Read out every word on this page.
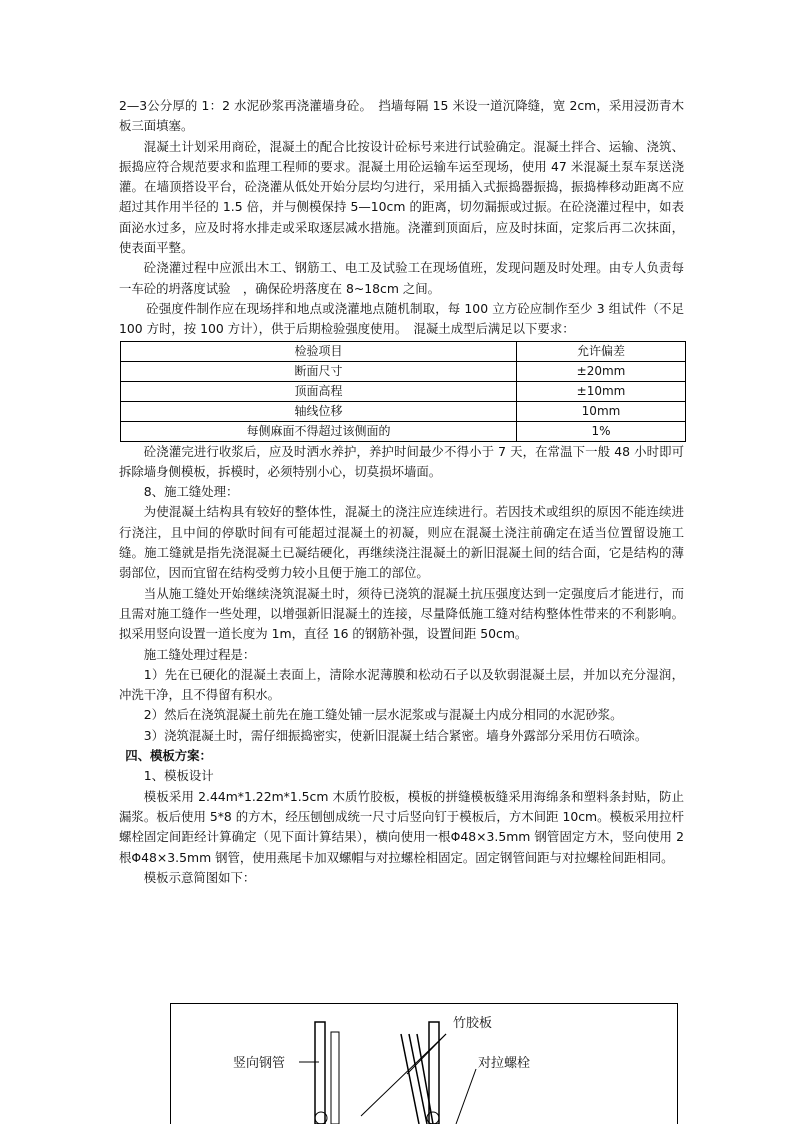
2—3公分厚的 1：2 水泥砂浆再浇灌墙身砼。　挡墙每隔 15 米设一道沉降缝，宽 2cm，采用浸沥青木板三面填塞。

混凝土计划采用商砼，混凝土的配合比按设计砼标号来进行试验确定。混凝土拌合、运输、浇筑、振捣应符合规范要求和监理工程师的要求。混凝土用砼运输车运至现场，使用 47 米混凝土泵车泵送浇灌。在墙顶搭设平台，砼浇灌从低处开始分层均匀进行，采用插入式振捣器振捣，振捣棒移动距离不应超过其作用半径的 1.5 倍，并与侧模保持 5—10cm 的距离，切勿漏振或过振。在砼浇灌过程中，如表面泌水过多，应及时将水排走或采取逐层减水措施。浇灌到顶面后，应及时抹面，定浆后再二次抹面，使表面平整。

砼浇灌过程中应派出木工、钢筋工、电工及试验工在现场值班，发现问题及时处理。由专人负责每一车砼的坍落度试验　，确保砼坍落度在 8~18cm 之间。

砼强度件制作应在现场拌和地点或浇灌地点随机制取，每 100 立方砼应制作至少 3 组试件（不足 100 方时，按 100 方计），供于后期检验强度使用。　混凝土成型后满足以下要求：

检验项目	允许偏差
断面尺寸	±20mm
顶面高程	±10mm
轴线位移	10mm
每侧麻面不得超过该侧面的	1%

砼浇灌完进行收浆后，应及时洒水养护，养护时间最少不得小于 7 天，在常温下一般 48 小时即可拆除墙身侧模板，拆模时，必须特别小心，切莫损坏墙面。

8、施工缝处理：

为使混凝土结构具有较好的整体性，混凝土的浇注应连续进行。若因技术或组织的原因不能连续进行浇注，且中间的停歇时间有可能超过混凝土的初凝，则应在混凝土浇注前确定在适当位置留设施工缝。施工缝就是指先浇混凝土已凝结硬化，再继续浇注混凝土的新旧混凝土间的结合面，它是结构的薄弱部位，因而宜留在结构受剪力较小且便于施工的部位。

当从施工缝处开始继续浇筑混凝土时，须待已浇筑的混凝土抗压强度达到一定强度后才能进行，而且需对施工缝作一些处理，以增强新旧混凝土的连接，尽量降低施工缝对结构整体性带来的不利影响。拟采用竖向设置一道长度为 1m，直径 16 的钢筋补强，设置间距 50cm。

施工缝处理过程是：

1）先在已硬化的混凝土表面上，清除水泥薄膜和松动石子以及软弱混凝土层，并加以充分湿润，冲洗干净，且不得留有积水。

2）然后在浇筑混凝土前先在施工缝处铺一层水泥浆或与混凝土内成分相同的水泥砂浆。

3）浇筑混凝土时，需仔细振捣密实，使新旧混凝土结合紧密。墙身外露部分采用仿石喷涂。

四、模板方案：

1、模板设计

模板采用 2.44m*1.22m*1.5cm 木质竹胶板，模板的拼缝模板缝采用海绵条和塑料条封贴，防止漏浆。板后使用 5*8 的方木，经压刨刨成统一尺寸后竖向钉于模板后，方木间距 10cm。模板采用拉杆螺栓固定间距经计算确定（见下面计算结果），横向使用一根Φ48×3.5mm 钢管固定方木，竖向使用 2 根Φ48×3.5mm 钢管，使用燕尾卡加双螺帽与对拉螺栓相固定。固定钢管间距与对拉螺栓间距相同。

模板示意简图如下：

竹胶板
竖向钢管	对拉螺栓
